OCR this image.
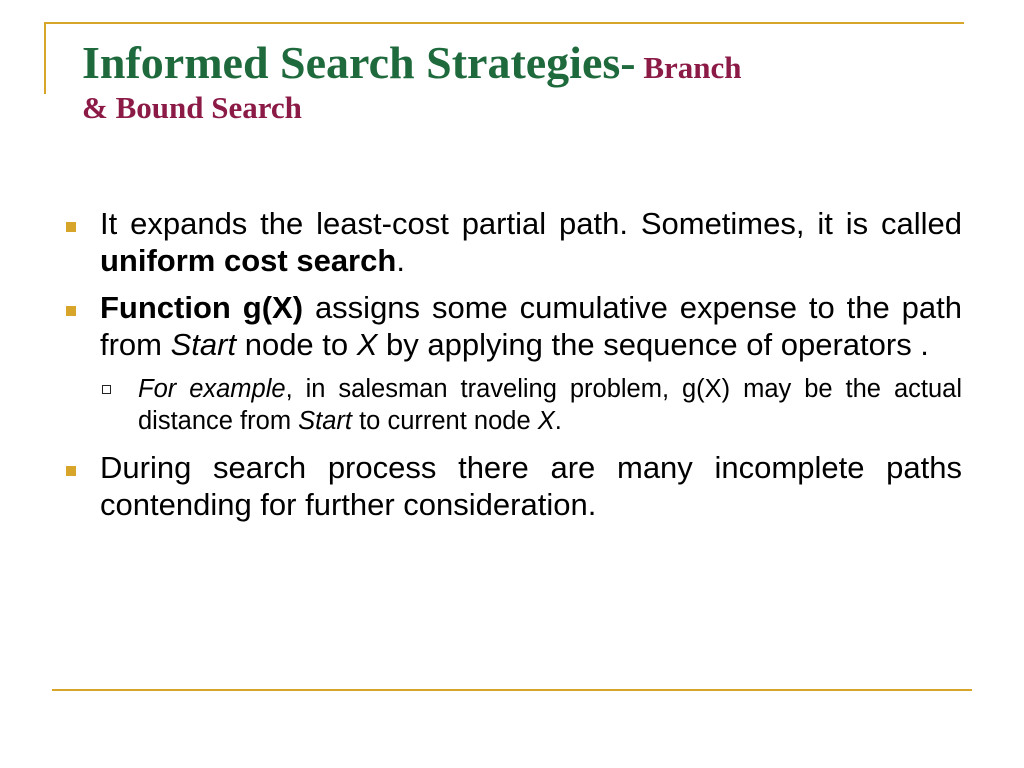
Informed Search Strategies- Branch
& Bound Search
It expands the least-cost partial path. Sometimes, it is called uniform cost search.
Function g(X) assigns some cumulative expense to the path from Start node to X by applying the sequence of operators .
For example, in salesman traveling problem, g(X) may be the actual distance from Start to current node X.
During search process there are many incomplete paths contending for further consideration.
